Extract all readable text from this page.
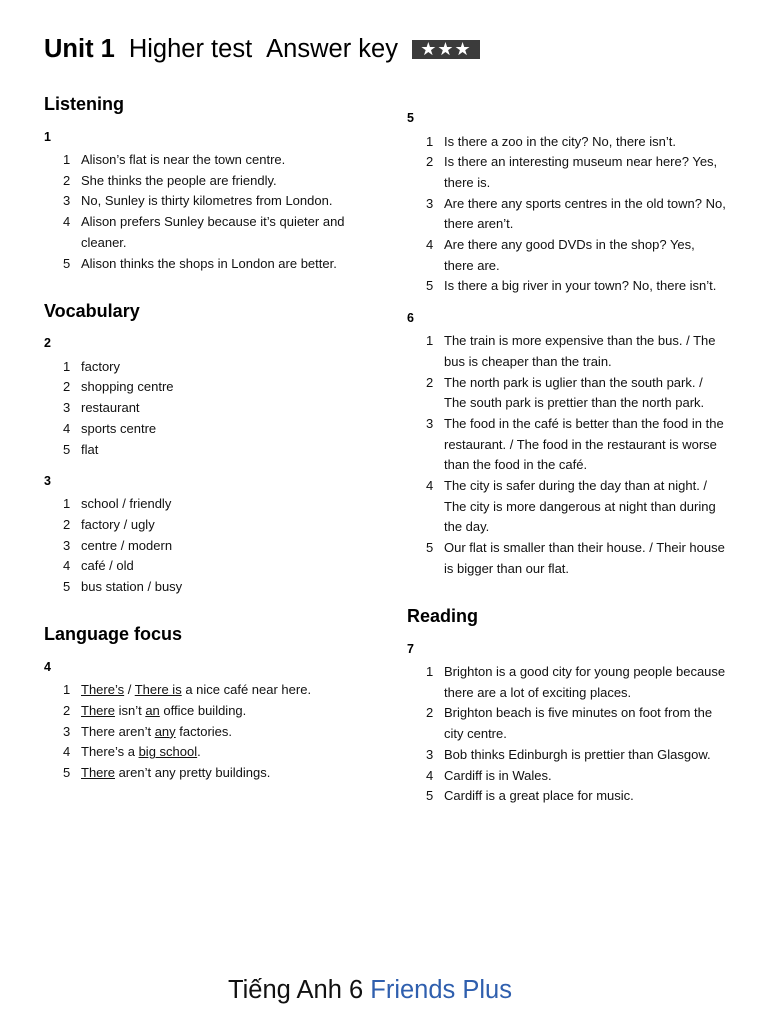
Unit 1 Higher test Answer key	★★★
Listening
1
1 Alison’s flat is near the town centre.
2 She thinks the people are friendly.
3 No, Sunley is thirty kilometres from London.
4 Alison prefers Sunley because it’s quieter and
cleaner.
5 Alison thinks the shops in London are better.
Vocabulary
2
1 factory
2 shopping centre
3 restaurant
4 sports centre
5 flat
3
1 school / friendly
2 factory / ugly
3 centre / modern
4 café / old
5 bus station / busy
Language focus
4
1 There’s / There is a nice café near here.
2 There isn’t an office building.
3 There aren’t any factories.
4 There’s a big school.
5 There aren’t any pretty buildings.
5
1 Is there a zoo in the city? No, there isn’t.
2 Is there an interesting museum near here? Yes,
there is.
3 Are there any sports centres in the old town? No,
there aren’t.
4 Are there any good DVDs in the shop? Yes,
there are.
5 Is there a big river in your town? No, there isn’t.
6
1 The train is more expensive than the bus. / The
bus is cheaper than the train.
2 The north park is uglier than the south park. /
The south park is prettier than the north park.
3 The food in the café is better than the food in the
restaurant. / The food in the restaurant is worse
than the food in the café.
4 The city is safer during the day than at night. /
The city is more dangerous at night than during
the day.
5 Our flat is smaller than their house. / Their house
is bigger than our flat.
Reading
7
1 Brighton is a good city for young people because
there are a lot of exciting places.
2 Brighton beach is five minutes on foot from the
city centre.
3 Bob thinks Edinburgh is prettier than Glasgow.
4 Cardiff is in Wales.
5 Cardiff is a great place for music.
Tiếng Anh 6 Friends Plus
